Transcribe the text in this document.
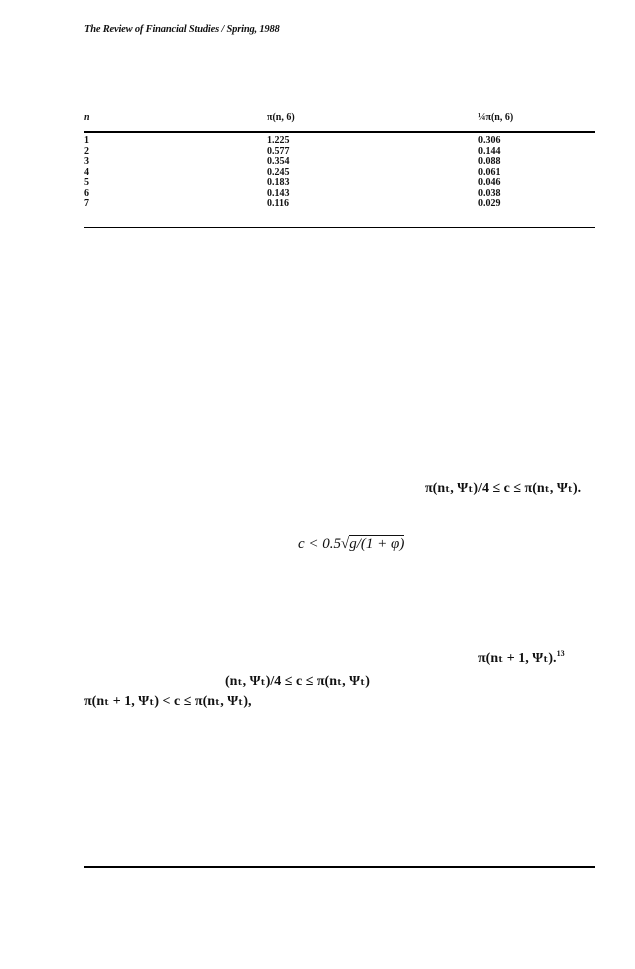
The Review of Financial Studies / Spring, 1988
n	π(n, 6)	¼π(n, 6)
1	1.225	0.306
2	0.577	0.144
3	0.354	0.088
4	0.245	0.061
5	0.183	0.046
6	0.143	0.038
7	0.116	0.029
π(nₜ, Ψₜ)/4 ≤ c ≤ π(nₜ, Ψₜ).
c < 0.5√g/(1 + φ)
π(nₜ + 1, Ψₜ).$^{13}$
(nₜ, Ψₜ)/4 ≤ c ≤ π(nₜ, Ψₜ)
π(nₜ + 1, Ψₜ) < c ≤ π(nₜ, Ψₜ),
